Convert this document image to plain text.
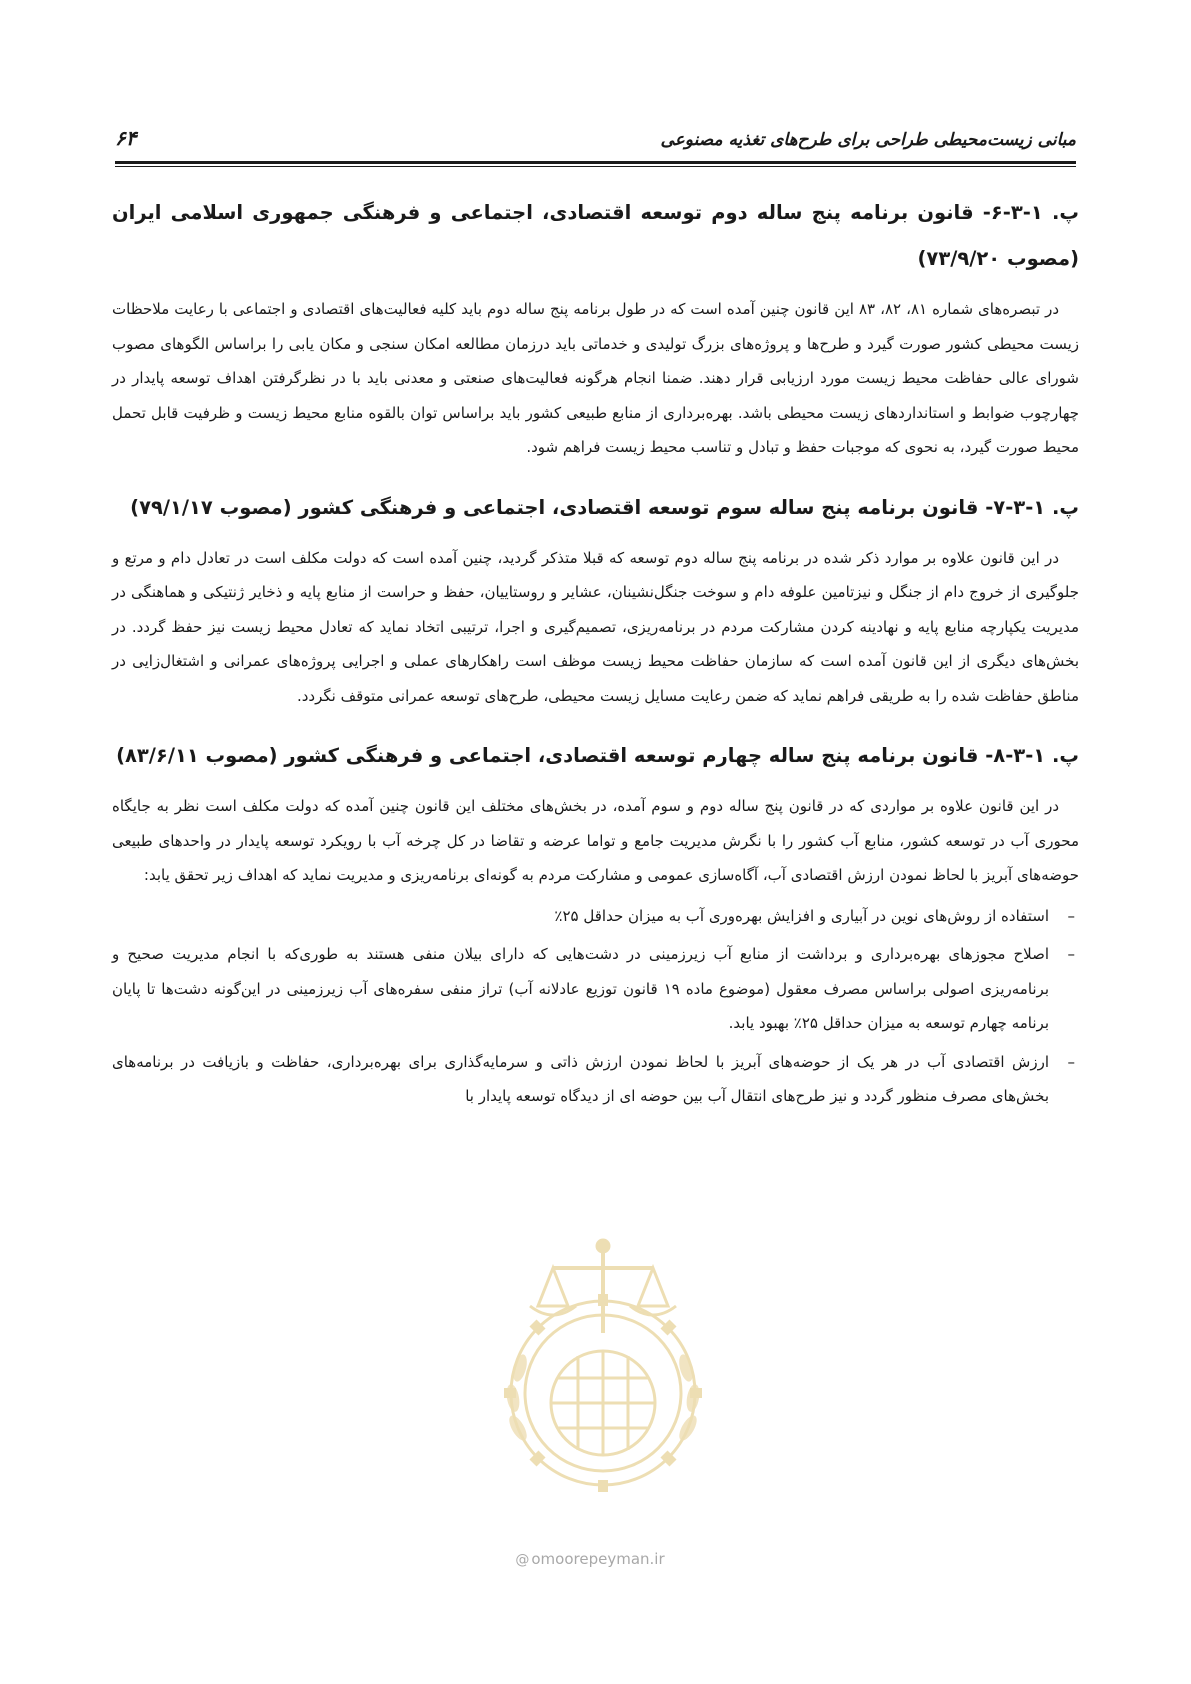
مبانی زیست‌محیطی طراحی برای طرح‌های تغذیه مصنوعی
۶۴
پ. ۱-۳-۶- قانون برنامه پنج ساله دوم توسعه اقتصادی، اجتماعی و فرهنگی جمهوری اسلامی ایران (مصوب ۷۳/۹/۲۰)

در تبصره‌های شماره ۸۱، ۸۲، ۸۳ این قانون چنین آمده است که در طول برنامه پنج ساله دوم باید کلیه فعالیت‌های اقتصادی و اجتماعی با رعایت ملاحظات زیست محیطی کشور صورت گیرد و طرح‌ها و پروژه‌های بزرگ تولیدی و خدماتی باید درزمان مطالعه امکان سنجی و مکان یابی را براساس الگوهای مصوب شورای عالی حفاظت محیط زیست مورد ارزیابی قرار دهند. ضمنا انجام هرگونه فعالیت‌های صنعتی و معدنی باید با در نظرگرفتن اهداف توسعه پایدار در چهارچوب ضوابط و استانداردهای زیست محیطی باشد. بهره‌برداری از منابع طبیعی کشور باید براساس توان بالقوه منابع محیط زیست و ظرفیت قابل تحمل محیط صورت گیرد، به نحوی که موجبات حفظ و تبادل و تناسب محیط زیست فراهم شود.

پ. ۱-۳-۷- قانون برنامه پنج ساله سوم توسعه اقتصادی، اجتماعی و فرهنگی کشور (مصوب ۷۹/۱/۱۷)

در این قانون علاوه بر موارد ذکر شده در برنامه پنج ساله دوم توسعه که قبلا متذکر گردید، چنین آمده است که دولت مکلف است در تعادل دام و مرتع و جلوگیری از خروج دام از جنگل و نیزتامین علوفه دام و سوخت جنگل‌نشینان، عشایر و روستاییان، حفظ و حراست از منابع پایه و ذخایر ژنتیکی و هماهنگی در مدیریت یکپارچه منابع پایه و نهادینه کردن مشارکت مردم در برنامه‌ریزی، تصمیم‌گیری و اجرا، ترتیبی اتخاد نماید که تعادل محیط زیست نیز حفظ گردد. در بخش‌های دیگری از این قانون آمده است که سازمان حفاظت محیط زیست موظف است راهکارهای عملی و اجرایی پروژه‌های عمرانی و اشتغال‌زایی در مناطق حفاظت شده را به طریقی فراهم نماید که ضمن رعایت مسایل زیست محیطی، طرح‌های توسعه عمرانی متوقف نگردد.

پ. ۱-۳-۸- قانون برنامه پنج ساله چهارم توسعه اقتصادی، اجتماعی و فرهنگی کشور (مصوب ۸۳/۶/۱۱)

در این قانون علاوه بر مواردی که در قانون پنج ساله دوم و سوم آمده، در بخش‌های مختلف این قانون چنین آمده که دولت مکلف است نظر به جایگاه محوری آب در توسعه کشور، منابع آب کشور را با نگرش مدیریت جامع و تواما عرضه و تقاضا در کل چرخه آب با رویکرد توسعه پایدار در واحدهای طبیعی حوضه‌های آبریز با لحاظ نمودن ارزش اقتصادی آب، آگاه‌سازی عمومی و مشارکت مردم به گونه‌ای برنامه‌ریزی و مدیریت نماید که اهداف زیر تحقق یابد:

–
استفاده از روش‌های نوین در آبیاری و افزایش بهره‌وری آب به میزان حداقل ۲۵٪
–
اصلاح مجوزهای بهره‌برداری و برداشت از منابع آب زیرزمینی در دشت‌هایی که دارای بیلان منفی هستند به طوری‌که با انجام مدیریت صحیح و برنامه‌ریزی اصولی براساس مصرف معقول (موضوع ماده ۱۹ قانون توزیع عادلانه آب) تراز منفی سفره‌های آب زیرزمینی در این‌گونه دشت‌ها تا پایان برنامه چهارم توسعه به میزان حداقل ۲۵٪ بهبود یابد.
–
ارزش اقتصادی آب در هر یک از حوضه‌های آبریز با لحاظ نمودن ارزش ذاتی و سرمایه‌گذاری برای بهره‌برداری، حفاظت و بازیافت در برنامه‌های بخش‌های مصرف منظور گردد و نیز طرح‌های انتقال آب بین حوضه ای از دیدگاه توسعه پایدار با
@ omoorepeyman.ir
